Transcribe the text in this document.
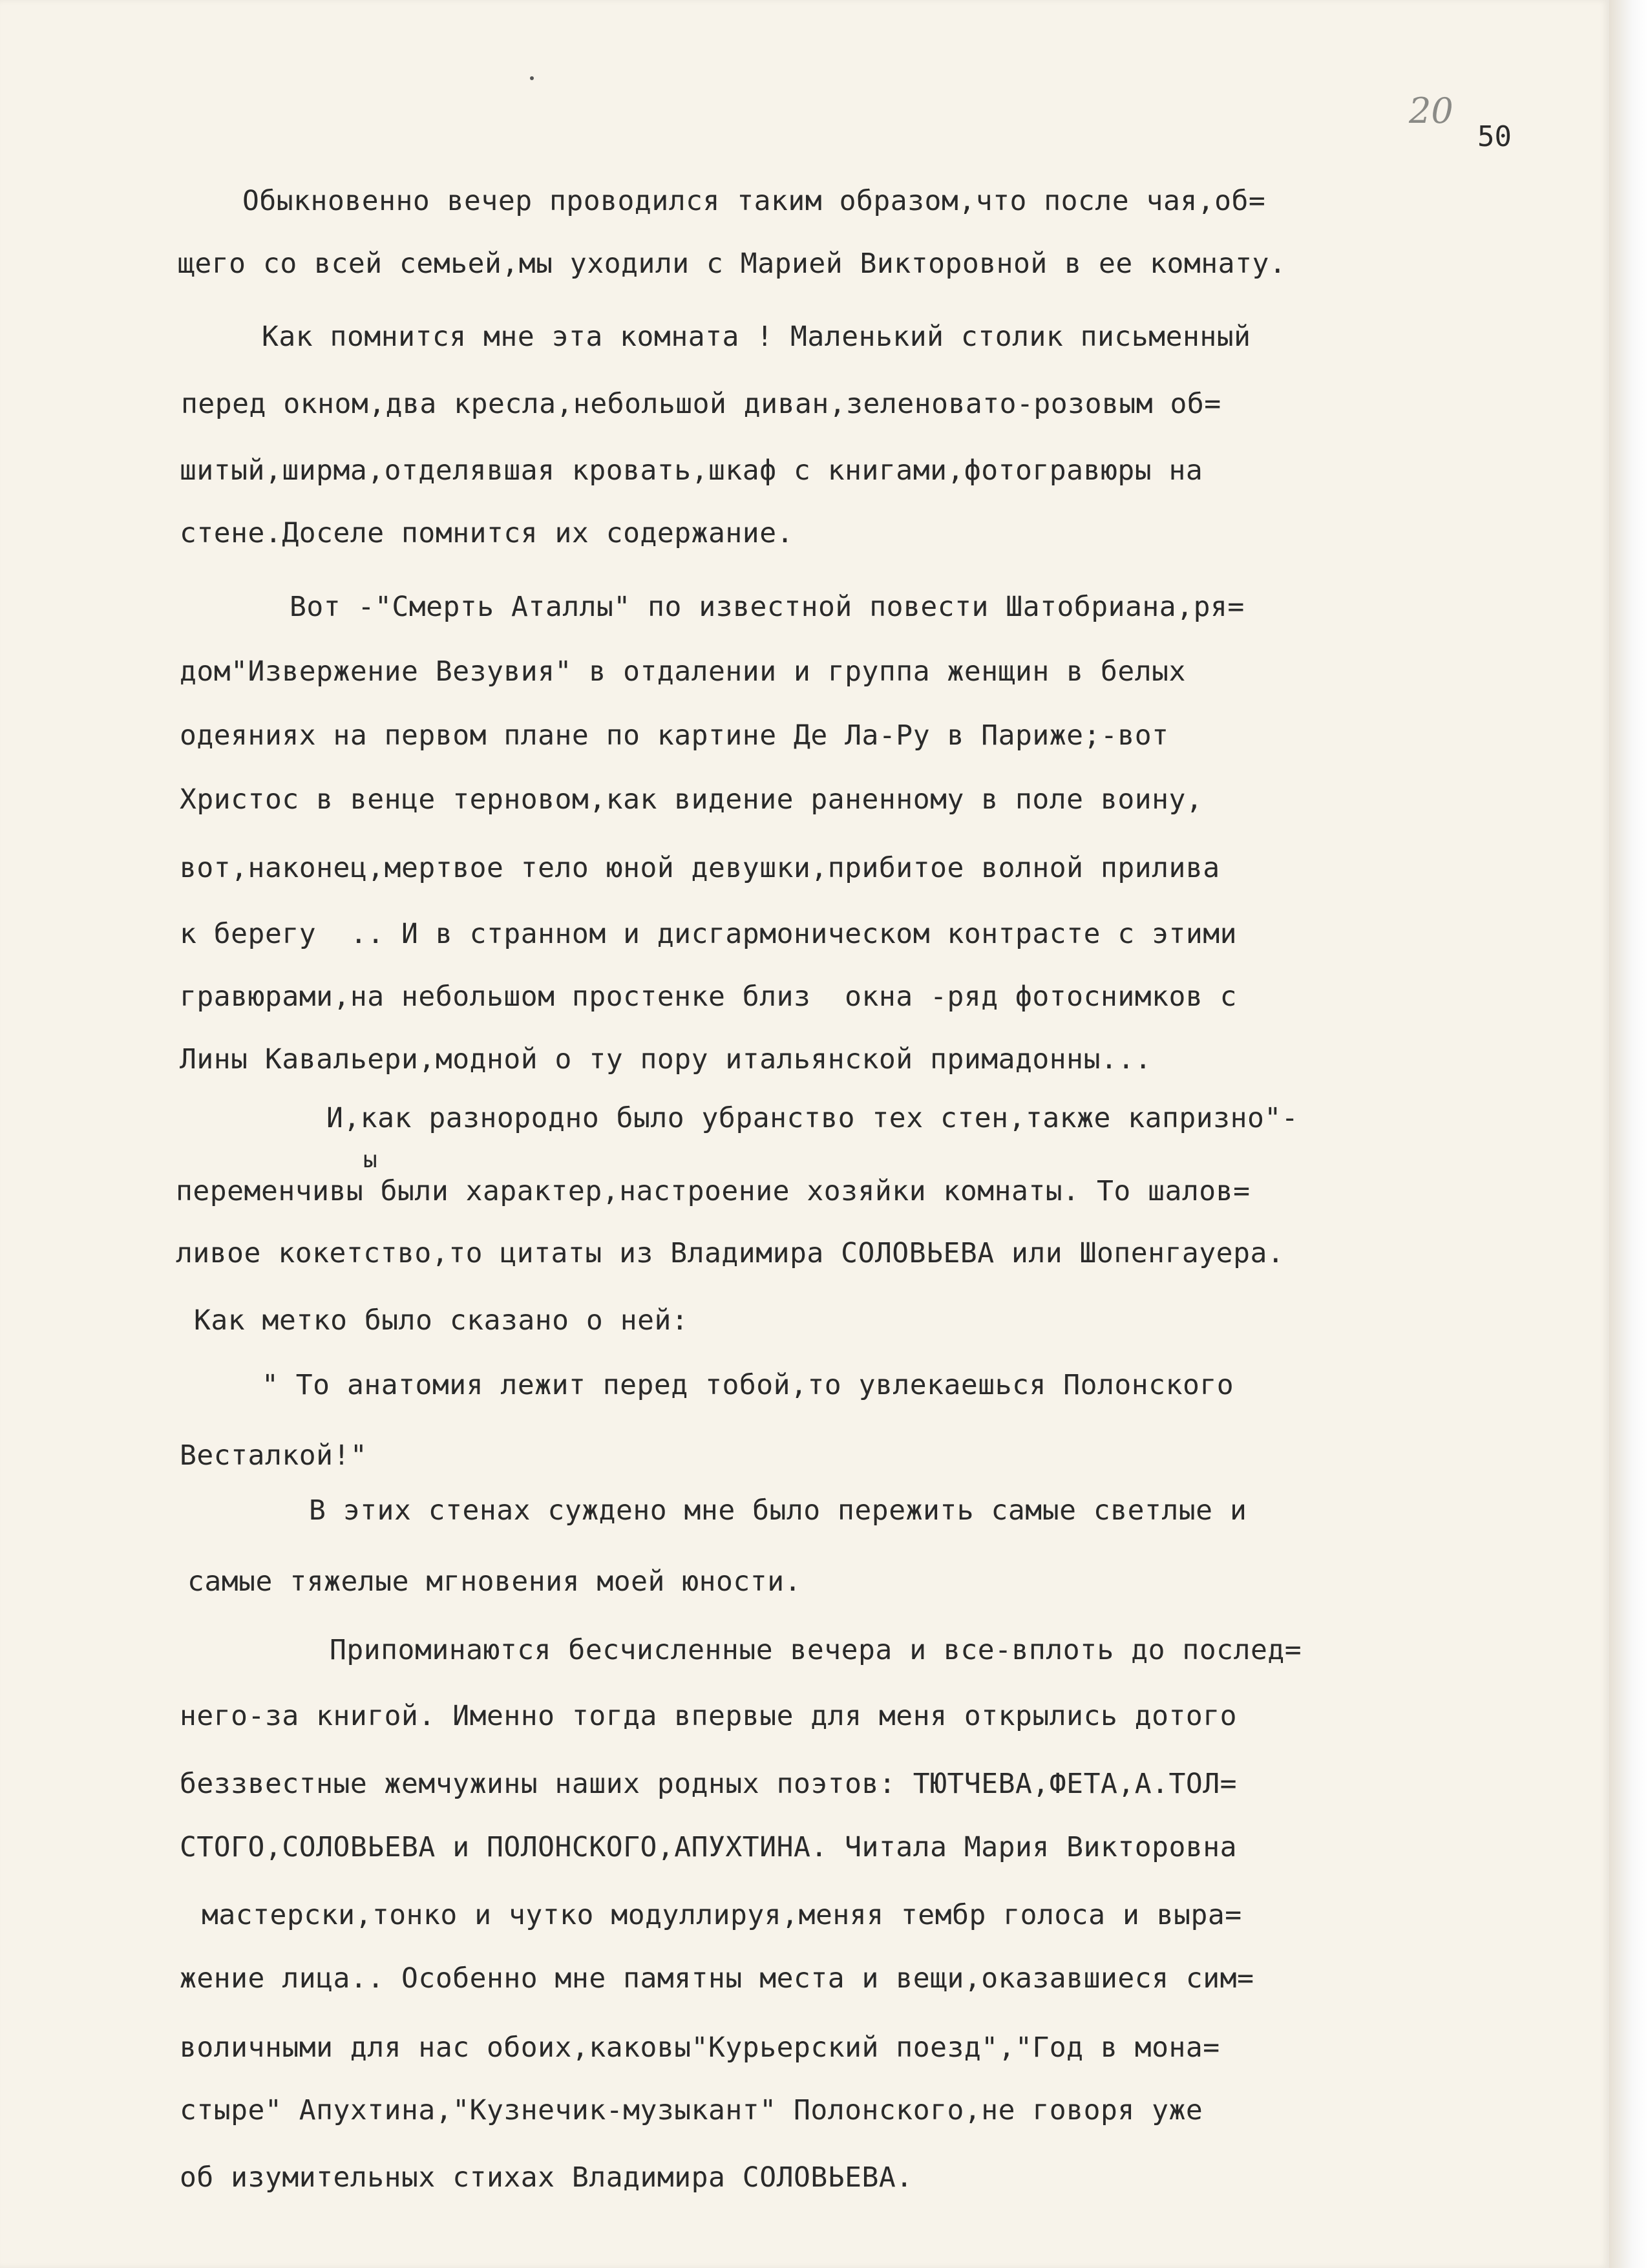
20
50
Обыкновенно вечер проводился таким образом,что после чая,об=
щего со всей семьей,мы уходили с Марией Викторовной в ее комнату.
Как помнится мне эта комната ! Маленький столик письменный
перед окном,два кресла,небольшой диван,зеленовато-розовым об=
шитый,ширма,отделявшая кровать,шкаф с книгами,фотогравюры на
стене.Доселе помнится их содержание.
Вот -"Смерть Аталлы" по известной повести Шатобриана,ря=
дом"Извержение Везувия" в отдалении и группа женщин в белых
одеяниях на первом плане по картине Де Ла-Ру в Париже;-вот
Христос в венце терновом,как видение раненному в поле воину,
вот,наконец,мертвое тело юной девушки,прибитое волной прилива
к берегу  .. И в странном и дисгармоническом контрасте с этими
гравюрами,на небольшом простенке близ  окна -ряд фотоснимков с
Лины Кавальери,модной о ту пору итальянской примадонны...
И,как разнородно было убранство тех стен,также капризно"-
ы
переменчивы были характер,настроение хозяйки комнаты. То шалов=
ливое кокетство,то цитаты из Владимира СОЛОВЬЕВА или Шопенгауера.
Как метко было сказано о ней:
" То анатомия лежит перед тобой,то увлекаешься Полонского
Весталкой!"
В этих стенах суждено мне было пережить самые светлые и
самые тяжелые мгновения моей юности.
Припоминаются бесчисленные вечера и все-вплоть до послед=
него-за книгой. Именно тогда впервые для меня открылись дотого
беззвестные жемчужины наших родных поэтов: ТЮТЧЕВА,ФЕТА,А.ТОЛ=
СТОГО,СОЛОВЬЕВА и ПОЛОНСКОГО,АПУХТИНА. Читала Мария Викторовна
мастерски,тонко и чутко модуллируя,меняя тембр голоса и выра=
жение лица.. Особенно мне памятны места и вещи,оказавшиеся сим=
воличными для нас обоих,каковы"Курьерский поезд","Год в мона=
стыре" Апухтина,"Кузнечик-музыкант" Полонского,не говоря уже
об изумительных стихах Владимира СОЛОВЬЕВА.
